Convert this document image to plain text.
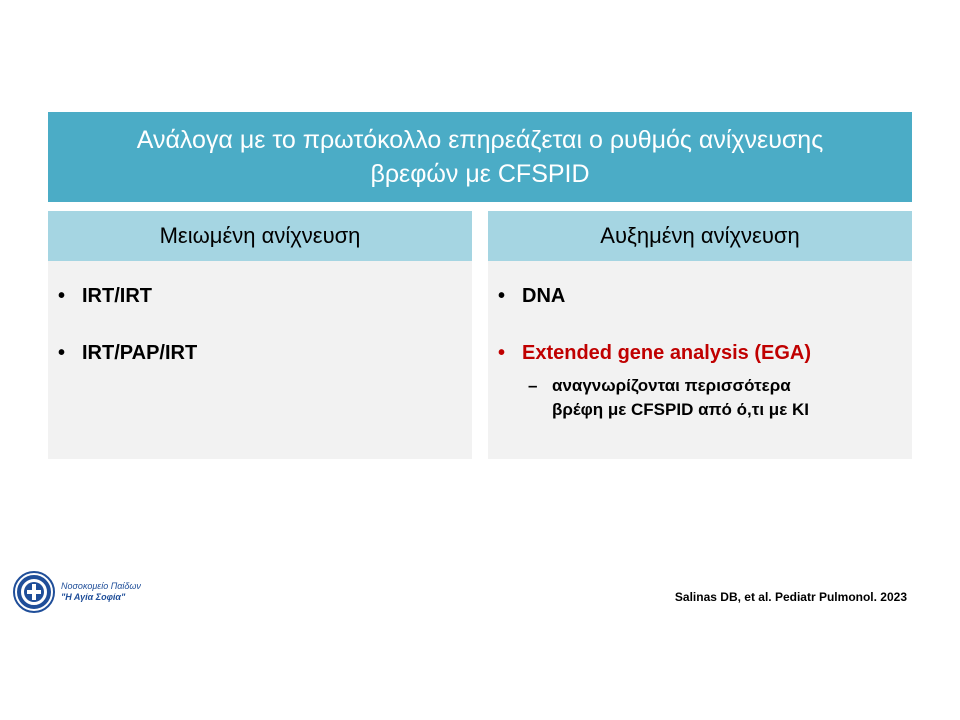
Ανάλογα με το πρωτόκολλο επηρεάζεται ο ρυθμός ανίχνευσης
βρεφών με CFSPID
Μειωμένη ανίχνευση
• IRT/IRT
• IRT/PAP/IRT
Αυξημένη ανίχνευση
• DNA
• Extended gene analysis (EGA)
– αναγνωρίζονται περισσότερα
βρέφη με CFSPID από ό,τι με ΚΙ
Νοσοκομείο Παίδων
"Η Αγία Σοφία"	Salinas DB, et al. Pediatr Pulmonol. 2023
